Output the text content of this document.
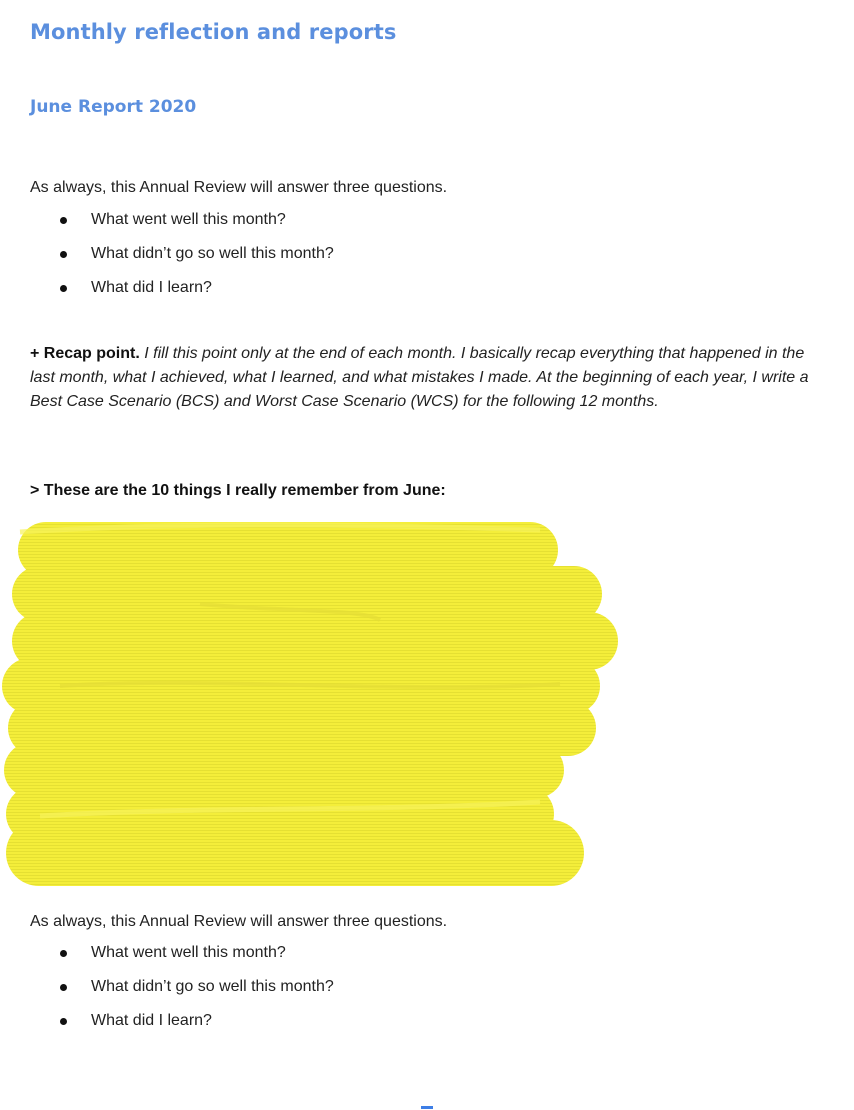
Monthly reflection and reports
June Report 2020

As always, this Annual Review will answer three questions.

What went well this month?
What didn’t go so well this month?
What did I learn?

+ Recap point. I fill this point only at the end of each month. I basically recap everything that happened in the last month, what I achieved, what I learned, and what mistakes I made. At the beginning of each year, I write a Best Case Scenario (BCS) and Worst Case Scenario (WCS) for the following 12 months.

> These are the 10 things I really remember from June:

As always, this Annual Review will answer three questions.

What went well this month?
What didn’t go so well this month?
What did I learn?
